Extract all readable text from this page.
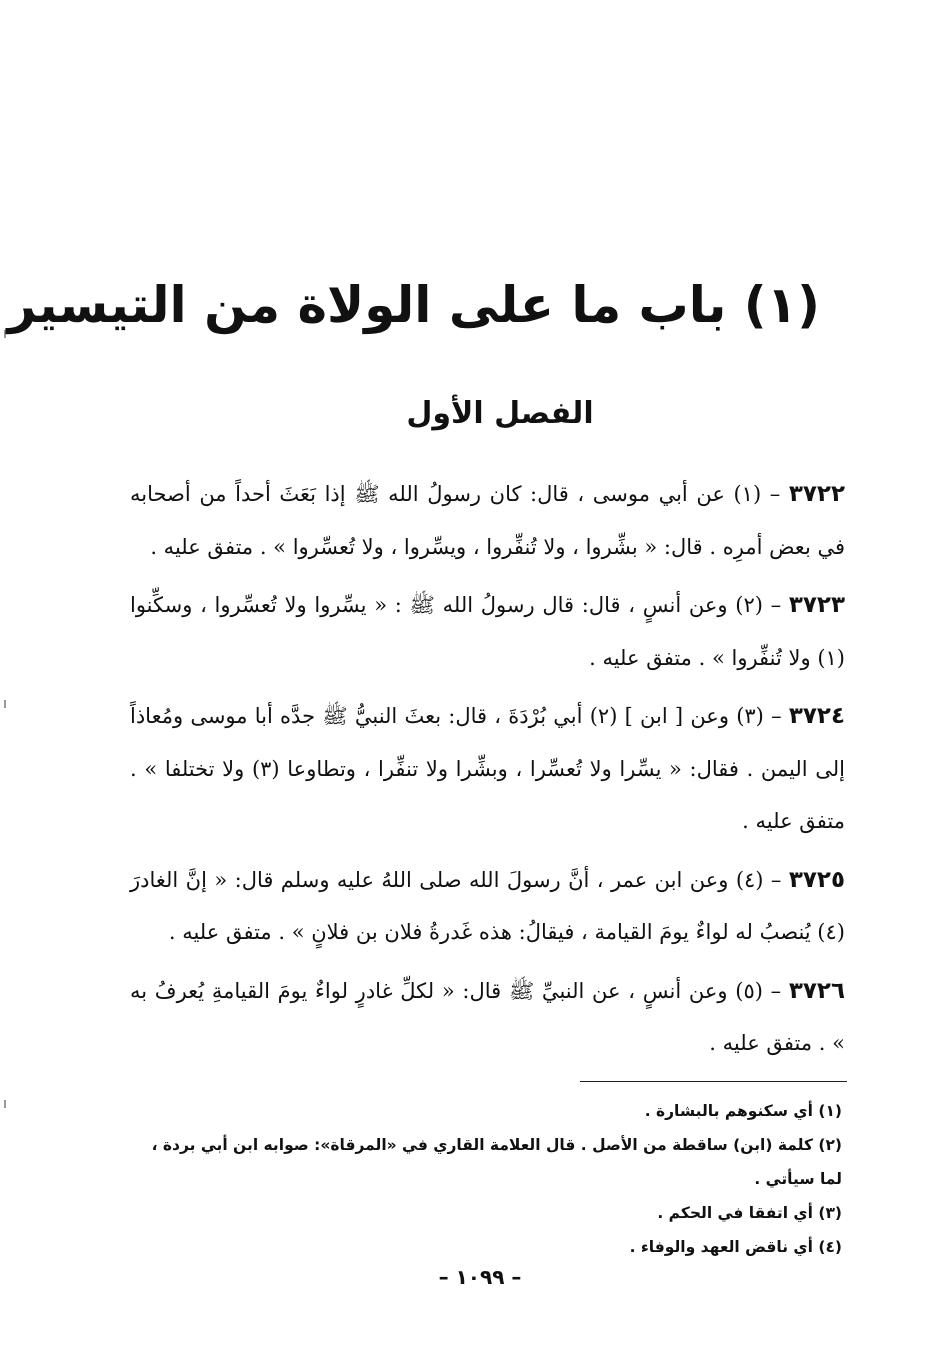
(١) باب ما على الولاة من التيسير
الفصل الأول

٣٧٢٢ – (١) عن أبي موسى ، قال: كان رسولُ الله ﷺ إذا بَعَثَ أحداً من أصحابه في بعض أمرِه . قال: « بشِّروا ، ولا تُنفِّروا ، ويسِّروا ، ولا تُعسِّروا » . متفق عليه .

٣٧٢٣ – (٢) وعن أنسٍ ، قال: قال رسولُ الله ﷺ : « يسِّروا ولا تُعسِّروا ، وسكِّنوا (١) ولا تُنفِّروا » . متفق عليه .

٣٧٢٤ – (٣) وعن [ ابن ] (٢) أبي بُرْدَةَ ، قال: بعثَ النبيُّ ﷺ جدَّه أبا موسى ومُعاذاً إلى اليمن . فقال: « يسِّرا ولا تُعسِّرا ، وبشِّرا ولا تنفِّرا ، وتطاوعا (٣) ولا تختلفا » . متفق عليه .

٣٧٢٥ – (٤) وعن ابن عمر ، أنَّ رسولَ الله صلى اللهُ عليه وسلم قال: « إنَّ الغادرَ (٤) يُنصبُ له لواءٌ يومَ القيامة ، فيقالُ: هذه غَدرةُ فلان بن فلانٍ » . متفق عليه .

٣٧٢٦ – (٥) وعن أنسٍ ، عن النبيِّ ﷺ قال: « لكلِّ غادرٍ لواءٌ يومَ القيامةِ يُعرفُ به » . متفق عليه .

(١) أي سكنوهم بالبشارة .

(٢) كلمة (ابن) ساقطة من الأصل . قال العلامة القاري في «المرقاة»: صوابه ابن أبي بردة ، لما سيأتي .

(٣) أي اتفقا في الحكم .

(٤) أي ناقض العهد والوفاء .

– ١٠٩٩ –
